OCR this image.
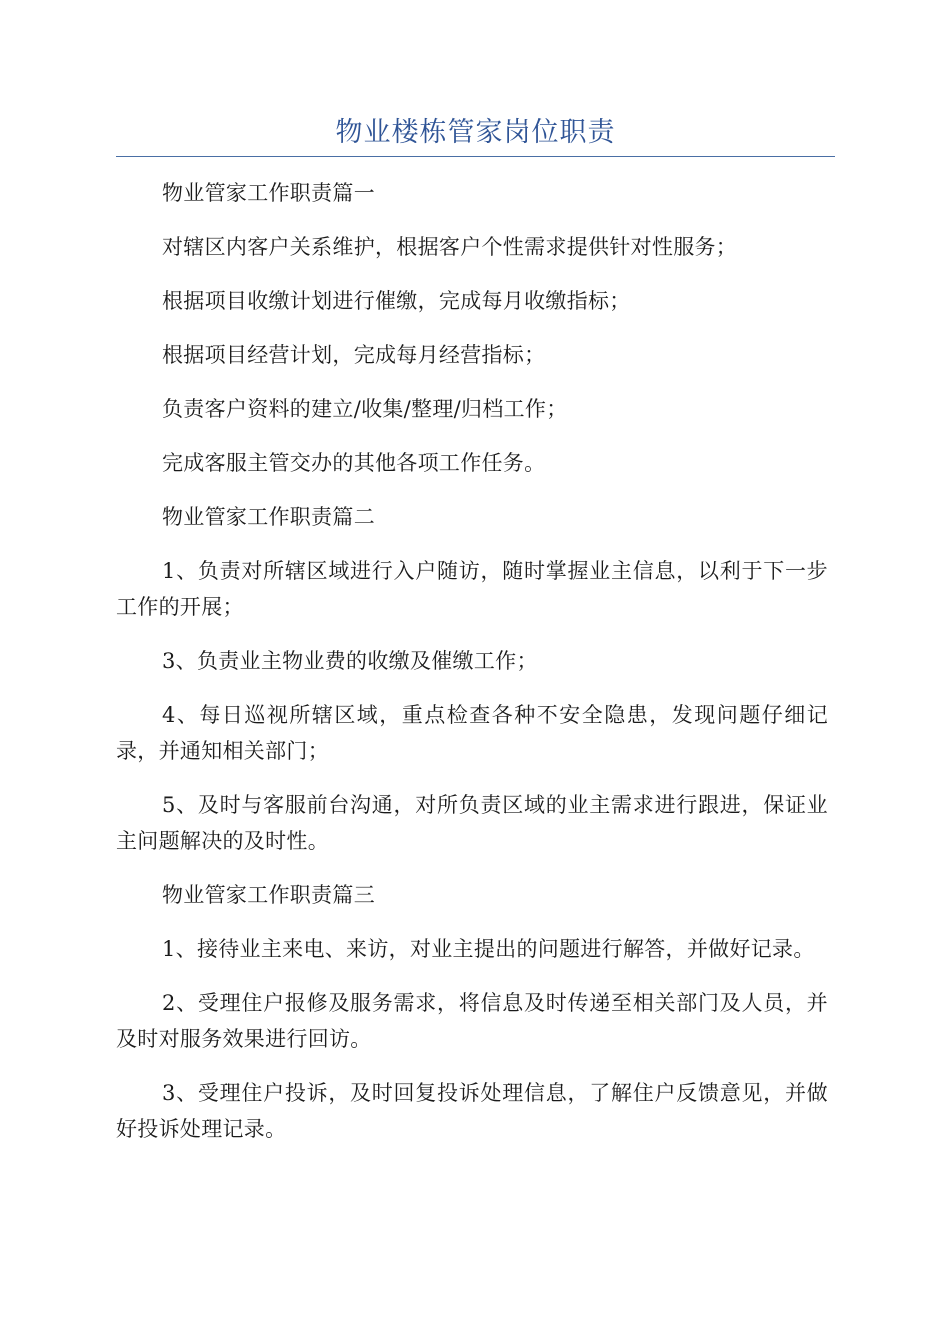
物业楼栋管家岗位职责

物业管家工作职责篇一

对辖区内客户关系维护，根据客户个性需求提供针对性服务；

根据项目收缴计划进行催缴，完成每月收缴指标；

根据项目经营计划，完成每月经营指标；

负责客户资料的建立/收集/整理/归档工作；

完成客服主管交办的其他各项工作任务。

物业管家工作职责篇二

1、负责对所辖区域进行入户随访，随时掌握业主信息，以利于下一步工作的开展；

3、负责业主物业费的收缴及催缴工作；

4、每日巡视所辖区域，重点检查各种不安全隐患，发现问题仔细记录，并通知相关部门；

5、及时与客服前台沟通，对所负责区域的业主需求进行跟进，保证业主问题解决的及时性。

物业管家工作职责篇三

1、接待业主来电、来访，对业主提出的问题进行解答，并做好记录。

2、受理住户报修及服务需求，将信息及时传递至相关部门及人员，并及时对服务效果进行回访。

3、受理住户投诉，及时回复投诉处理信息，了解住户反馈意见，并做好投诉处理记录。
